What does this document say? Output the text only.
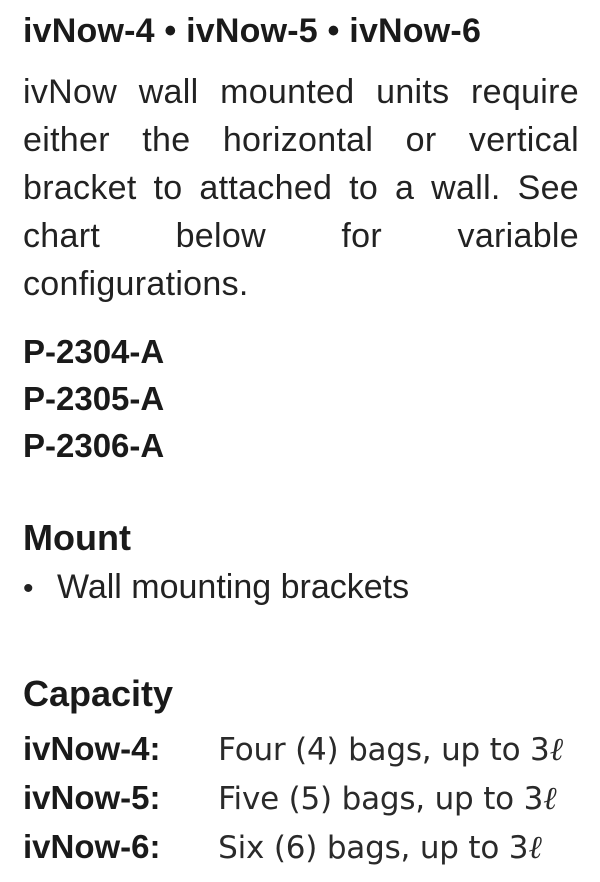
ivNow-4 • ivNow-5 • ivNow-6

ivNow wall mounted units require either the horizontal or vertical bracket to attached to a wall. See chart below for variable configurations.

P-2304-A
P-2305-A
P-2306-A
Mount
• Wall mounting brackets
Capacity
ivNow-4: Four (4) bags, up to 3ℓ
ivNow-5: Five (5) bags, up to 3ℓ
ivNow-6: Six (6) bags, up to 3ℓ
